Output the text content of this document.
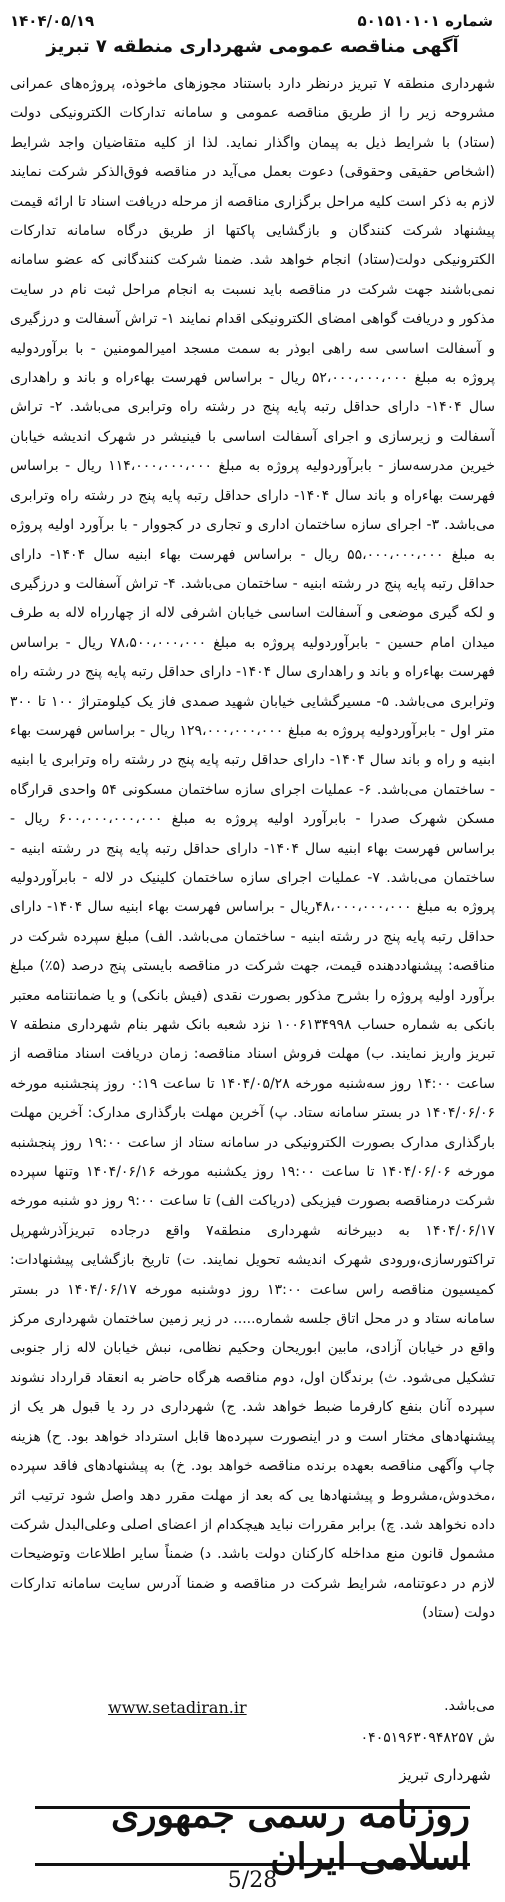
شماره ۵۰۱۵۱۰۱۰۱
۱۴۰۴/۰۵/۱۹
آگهی مناقصه عمومی شهرداری منطقه ۷ تبریز

شهرداری منطقه ۷ تبریز درنظر دارد باستناد مجوزهای ماخوذه، پروژه‌های عمرانی مشروحه زیر را از طریق مناقصه عمومی و سامانه تدارکات الکترونیکی دولت (ستاد) با شرایط ذیل به پیمان واگذار نماید. لذا از کلیه متقاضیان واجد شرایط (اشخاص حقیقی وحقوقی) دعوت بعمل می‌آید در مناقصه فوق‌الذکر شرکت نمایند لازم به ذکر است کلیه مراحل برگزاری مناقصه از مرحله دریافت اسناد تا ارائه قیمت پیشنهاد شرکت کنندگان و بازگشایی پاکتها از طریق درگاه سامانه تدارکات الکترونیکی دولت(ستاد) انجام خواهد شد. ضمنا شرکت کنندگانی که عضو سامانه نمی‌باشند جهت شرکت در مناقصه باید نسبت به انجام مراحل ثبت نام در سایت مذکور و دریافت گواهی امضای الکترونیکی اقدام نمایند ۱- تراش آسفالت و درزگیری و آسفالت اساسی سه راهی ابوذر به سمت مسجد امیرالمومنین - با برآوردولیه پروژه به مبلغ ۵۲،۰۰۰،۰۰۰،۰۰۰ ریال - براساس فهرست بهاءراه و باند و راهداری سال ۱۴۰۴- دارای حداقل رتبه پایه پنج در رشته راه وترابری می‌باشد. ۲- تراش آسفالت و زیرسازی و اجرای آسفالت اساسی با فینیشر در شهرک اندیشه خیابان خیرین مدرسه‌ساز - بابرآوردولیه پروژه به مبلغ ۱۱۴،۰۰۰،۰۰۰،۰۰۰ ریال - براساس فهرست بهاءراه و باند سال ۱۴۰۴- دارای حداقل رتبه پایه پنج در رشته راه وترابری می‌باشد. ۳- اجرای سازه ساختمان اداری و تجاری در کجووار - با برآورد اولیه پروژه به مبلغ ۵۵،۰۰۰،۰۰۰،۰۰۰ ریال - براساس فهرست بهاء ابنیه سال ۱۴۰۴- دارای حداقل رتبه پایه پنج در رشته ابنیه - ساختمان می‌باشد. ۴- تراش آسفالت و درزگیری و لکه گیری موضعی و آسفالت اساسی خیابان اشرفی لاله از چهارراه لاله به طرف میدان امام حسین - بابرآوردولیه پروژه به مبلغ ۷۸،۵۰۰،۰۰۰،۰۰۰ ریال - براساس فهرست بهاءراه و باند و راهداری سال ۱۴۰۴- دارای حداقل رتبه پایه پنج در رشته راه وترابری می‌باشد. ۵- مسیرگشایی خیابان شهید صمدی فاز یک کیلومتراژ ۱۰۰ تا ۳۰۰ متر اول - بابرآوردولیه پروژه به مبلغ ۱۲۹،۰۰۰،۰۰۰،۰۰۰ ریال - براساس فهرست بهاء ابنیه و راه و باند سال ۱۴۰۴- دارای حداقل رتبه پایه پنج در رشته راه وترابری یا ابنیه - ساختمان می‌باشد. ۶- عملیات اجرای سازه ساختمان مسکونی ۵۴ واحدی قرارگاه مسکن شهرک صدرا - بابرآورد اولیه پروژه به مبلغ ۶۰۰،۰۰۰،۰۰۰،۰۰۰ ریال - براساس فهرست بهاء ابنیه سال ۱۴۰۴- دارای حداقل رتبه پایه پنج در رشته ابنیه - ساختمان می‌باشد. ۷- عملیات اجرای سازه ساختمان کلینیک در لاله - بابرآوردولیه پروژه به مبلغ ۴۸،۰۰۰،۰۰۰،۰۰۰ریال - براساس فهرست بهاء ابنیه سال ۱۴۰۴- دارای حداقل رتبه پایه پنج در رشته ابنیه - ساختمان می‌باشد. الف) مبلغ سپرده شرکت در مناقصه: پیشنهاددهنده قیمت، جهت شرکت در مناقصه بایستی پنج درصد (۵٪) مبلغ برآورد اولیه پروژه را بشرح مذکور بصورت نقدی (فیش بانکی) و یا ضمانتنامه معتبر بانکی به شماره حساب ۱۰۰۶۱۳۴۹۹۸ نزد شعبه بانک شهر بنام شهرداری منطقه ۷ تبریز واریز نمایند. ب) مهلت فروش اسناد مناقصه: زمان دریافت اسناد مناقصه از ساعت ۱۴:۰۰ روز سه‌شنبه مورخه ۱۴۰۴/۰۵/۲۸ تا ساعت ۰:۱۹ روز پنجشنبه مورخه ۱۴۰۴/۰۶/۰۶ در بستر سامانه ستاد. پ) آخرین مهلت بارگذاری مدارک: آخرین مهلت بارگذاری مدارک بصورت الکترونیکی در سامانه ستاد از ساعت ۱۹:۰۰ روز پنجشنبه مورخه ۱۴۰۴/۰۶/۰۶ تا ساعت ۱۹:۰۰ روز یکشنبه مورخه ۱۴۰۴/۰۶/۱۶ وتنها سپرده شرکت درمناقصه بصورت فیزیکی (دریاکت الف) تا ساعت ۹:۰۰ روز دو شنبه مورخه ۱۴۰۴/۰۶/۱۷ به دبیرخانه شهرداری منطقه۷ واقع درجاده تبریزآذرشهرپل تراکتورسازی،ورودی شهرک اندیشه تحویل نمایند. ت) تاریخ بازگشایی پیشنهادات: کمیسیون مناقصه راس ساعت ۱۳:۰۰ روز دوشنبه مورخه ۱۴۰۴/۰۶/۱۷ در بستر سامانه ستاد و در محل اتاق جلسه شماره..... در زیر زمین ساختمان شهرداری مرکز واقع در خیابان آزادی، مابین ابوریحان وحکیم نظامی، نبش خیابان لاله زار جنوبی تشکیل می‌شود. ث) برندگان اول، دوم مناقصه هرگاه حاضر به انعقاد قرارداد نشوند سپرده آنان بنفع کارفرما ضبط خواهد شد. ج) شهرداری در رد یا قبول هر یک از پیشنهادهای مختار است و در اینصورت سپرده‌ها قابل استرداد خواهد بود. ح) هزینه چاپ وآگهی مناقصه بعهده برنده مناقصه خواهد بود. خ) به پیشنهادهای فاقد سپرده ،مخدوش،مشروط و پیشنهادها یی که بعد از مهلت مقرر دهد واصل شود ترتیب اثر داده نخواهد شد. چ) برابر مقررات نباید هیچکدام از اعضای اصلی وعلی‌البدل شرکت مشمول قانون منع مداخله کارکنان دولت باشد. د) ضمناً سایر اطلاعات وتوضیحات لازم در دعوتنامه، شرایط شرکت در مناقصه و ضمنا آدرس سایت سامانه تدارکات دولت (ستاد)

می‌باشد.
www.setadiran.ir
ش ۰۴۰۵۱۹۶۳۰۹۴۸۲۵۷
شهرداری تبریز
روزنامه رسمی جمهوری اسلامی ایران
5/28
